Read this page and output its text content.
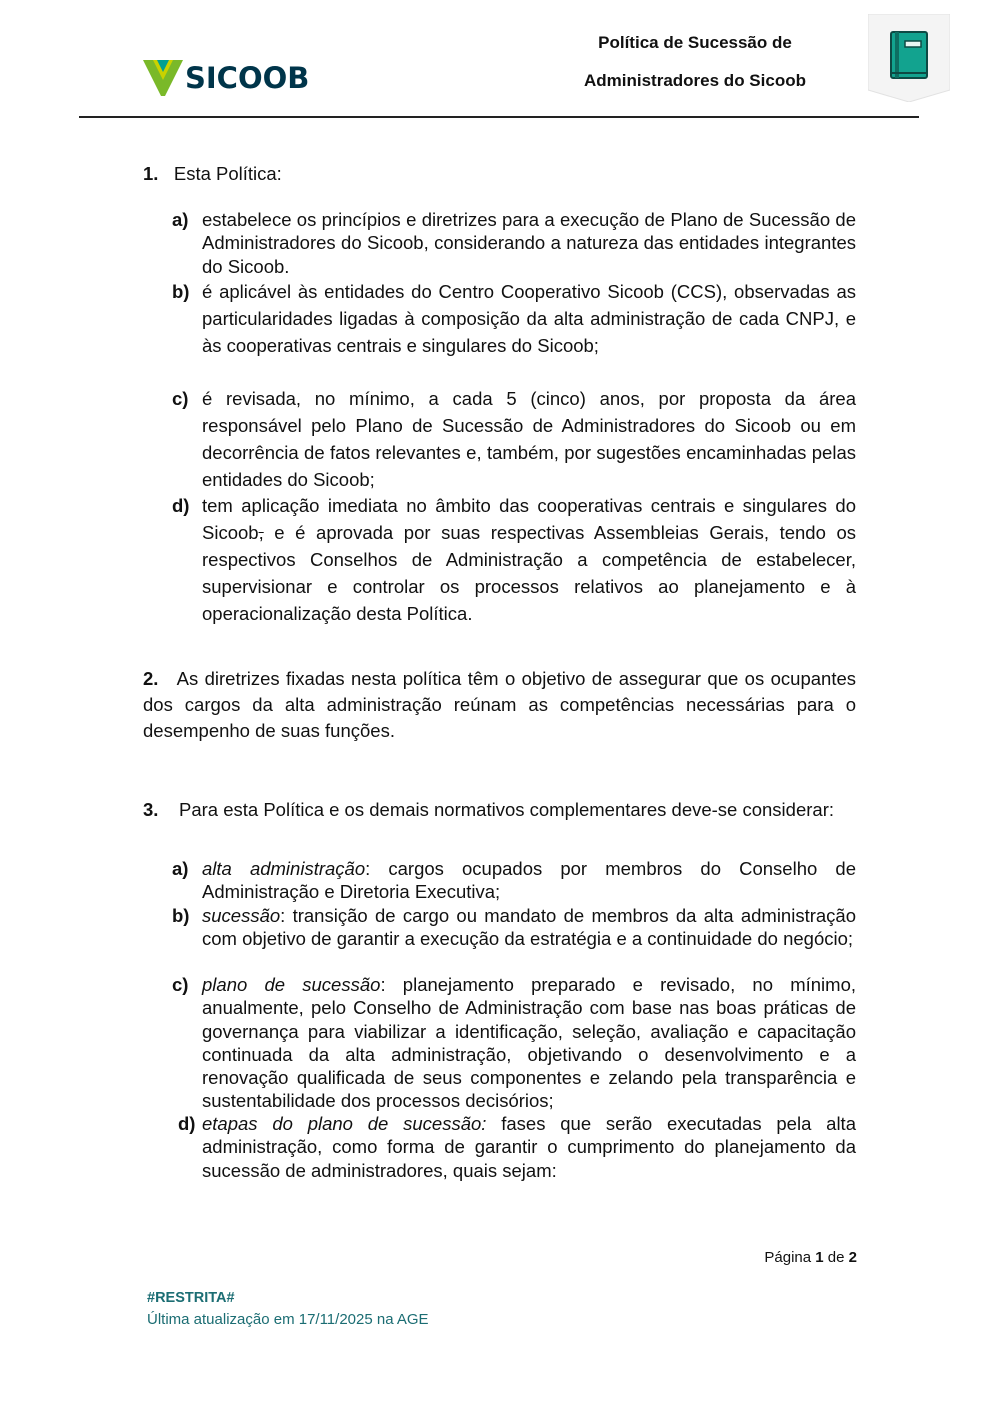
SICOOB
Política de Sucessão de
Administradores do Sicoob
1. Esta Política:
a) estabelece os princípios e diretrizes para a execução de Plano de Sucessão de Administradores do Sicoob, considerando a natureza das entidades integrantes do Sicoob.
b) é aplicável às entidades do Centro Cooperativo Sicoob (CCS), observadas as particularidades ligadas à composição da alta administração de cada CNPJ, e às cooperativas centrais e singulares do Sicoob;
c) é revisada, no mínimo, a cada 5 (cinco) anos, por proposta da área responsável pelo Plano de Sucessão de Administradores do Sicoob ou em decorrência de fatos relevantes e, também, por sugestões encaminhadas pelas entidades do Sicoob;
d) tem aplicação imediata no âmbito das cooperativas centrais e singulares do Sicoob, e é aprovada por suas respectivas Assembleias Gerais, tendo os respectivos Conselhos de Administração a competência de estabelecer, supervisionar e controlar os processos relativos ao planejamento e à operacionalização desta Política.
2. As diretrizes fixadas nesta política têm o objetivo de assegurar que os ocupantes dos cargos da alta administração reúnam as competências necessárias para o desempenho de suas funções.
3. Para esta Política e os demais normativos complementares deve-se considerar:
a) alta administração: cargos ocupados por membros do Conselho de Administração e Diretoria Executiva;
b) sucessão: transição de cargo ou mandato de membros da alta administração com objetivo de garantir a execução da estratégia e a continuidade do negócio;
c) plano de sucessão: planejamento preparado e revisado, no mínimo, anualmente, pelo Conselho de Administração com base nas boas práticas de governança para viabilizar a identificação, seleção, avaliação e capacitação continuada da alta administração, objetivando o desenvolvimento e a renovação qualificada de seus componentes e zelando pela transparência e sustentabilidade dos processos decisórios;
d) etapas do plano de sucessão: fases que serão executadas pela alta administração, como forma de garantir o cumprimento do planejamento da sucessão de administradores, quais sejam:
Página 1 de 2
#RESTRITA#
Última atualização em 17/11/2025 na AGE
